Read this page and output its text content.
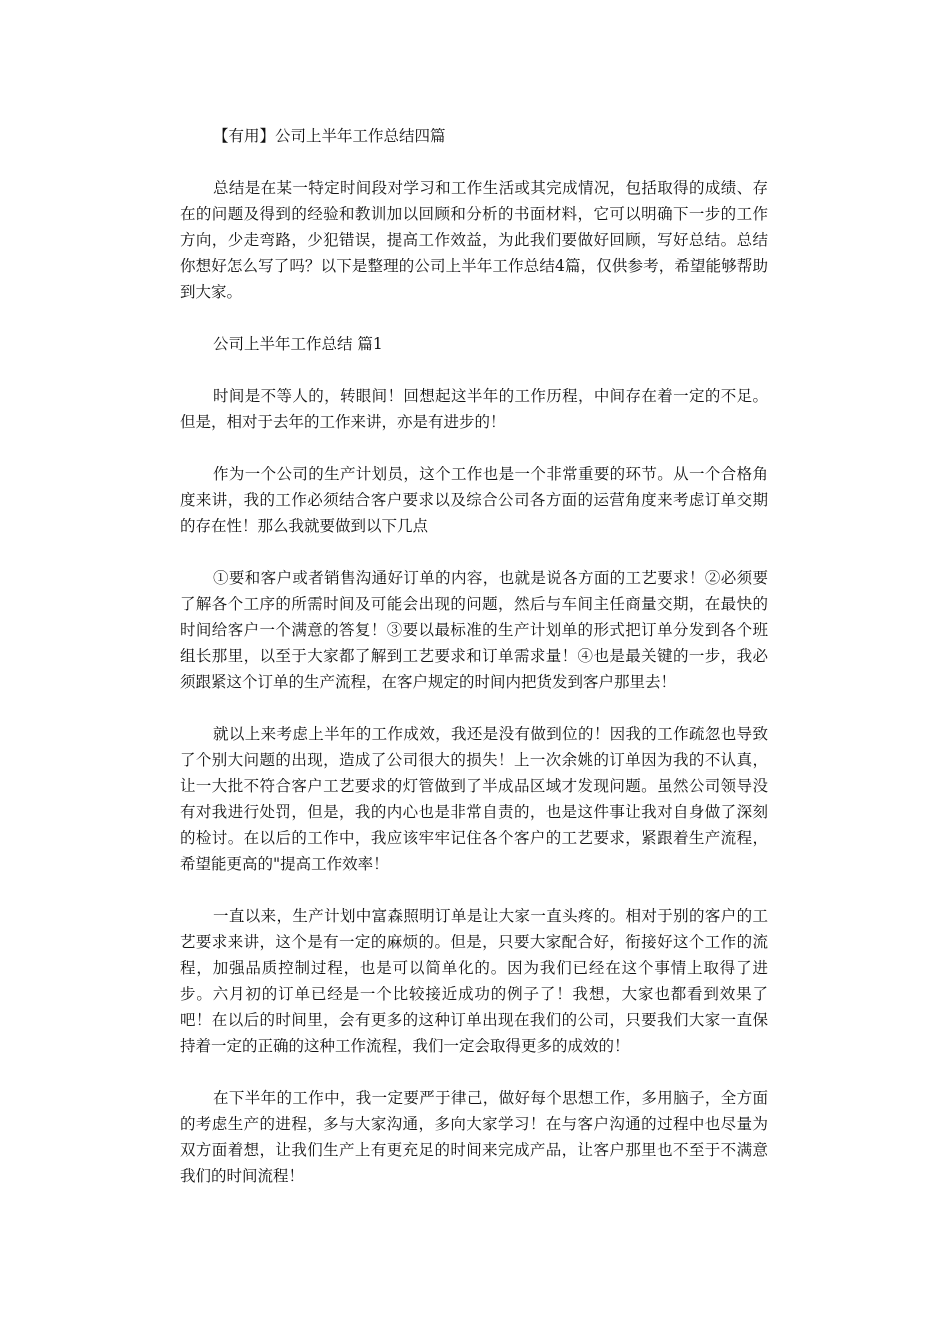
【有用】公司上半年工作总结四篇

总结是在某一特定时间段对学习和工作生活或其完成情况，包括取得的成绩、存在的问题及得到的经验和教训加以回顾和分析的书面材料，它可以明确下一步的工作方向，少走弯路，少犯错误，提高工作效益，为此我们要做好回顾，写好总结。总结你想好怎么写了吗？以下是整理的公司上半年工作总结4篇，仅供参考，希望能够帮助到大家。

公司上半年工作总结 篇1

时间是不等人的，转眼间！回想起这半年的工作历程，中间存在着一定的不足。但是，相对于去年的工作来讲，亦是有进步的！

作为一个公司的生产计划员，这个工作也是一个非常重要的环节。从一个合格角度来讲，我的工作必须结合客户要求以及综合公司各方面的运营角度来考虑订单交期的存在性！那么我就要做到以下几点

①要和客户或者销售沟通好订单的内容，也就是说各方面的工艺要求！②必须要了解各个工序的所需时间及可能会出现的问题，然后与车间主任商量交期，在最快的时间给客户一个满意的答复！③要以最标准的生产计划单的形式把订单分发到各个班组长那里，以至于大家都了解到工艺要求和订单需求量！④也是最关键的一步，我必须跟紧这个订单的生产流程，在客户规定的时间内把货发到客户那里去！

就以上来考虑上半年的工作成效，我还是没有做到位的！因我的工作疏忽也导致了个别大问题的出现，造成了公司很大的损失！上一次余姚的订单因为我的不认真，让一大批不符合客户工艺要求的灯管做到了半成品区域才发现问题。虽然公司领导没有对我进行处罚，但是，我的内心也是非常自责的，也是这件事让我对自身做了深刻的检讨。在以后的工作中，我应该牢牢记住各个客户的工艺要求，紧跟着生产流程，希望能更高的"提高工作效率！

一直以来，生产计划中富森照明订单是让大家一直头疼的。相对于别的客户的工艺要求来讲，这个是有一定的麻烦的。但是，只要大家配合好，衔接好这个工作的流程，加强品质控制过程，也是可以简单化的。因为我们已经在这个事情上取得了进步。六月初的订单已经是一个比较接近成功的例子了！我想，大家也都看到效果了吧！在以后的时间里，会有更多的这种订单出现在我们的公司，只要我们大家一直保持着一定的正确的这种工作流程，我们一定会取得更多的成效的！

在下半年的工作中，我一定要严于律己，做好每个思想工作，多用脑子，全方面的考虑生产的进程，多与大家沟通，多向大家学习！在与客户沟通的过程中也尽量为双方面着想，让我们生产上有更充足的时间来完成产品，让客户那里也不至于不满意我们的时间流程！
